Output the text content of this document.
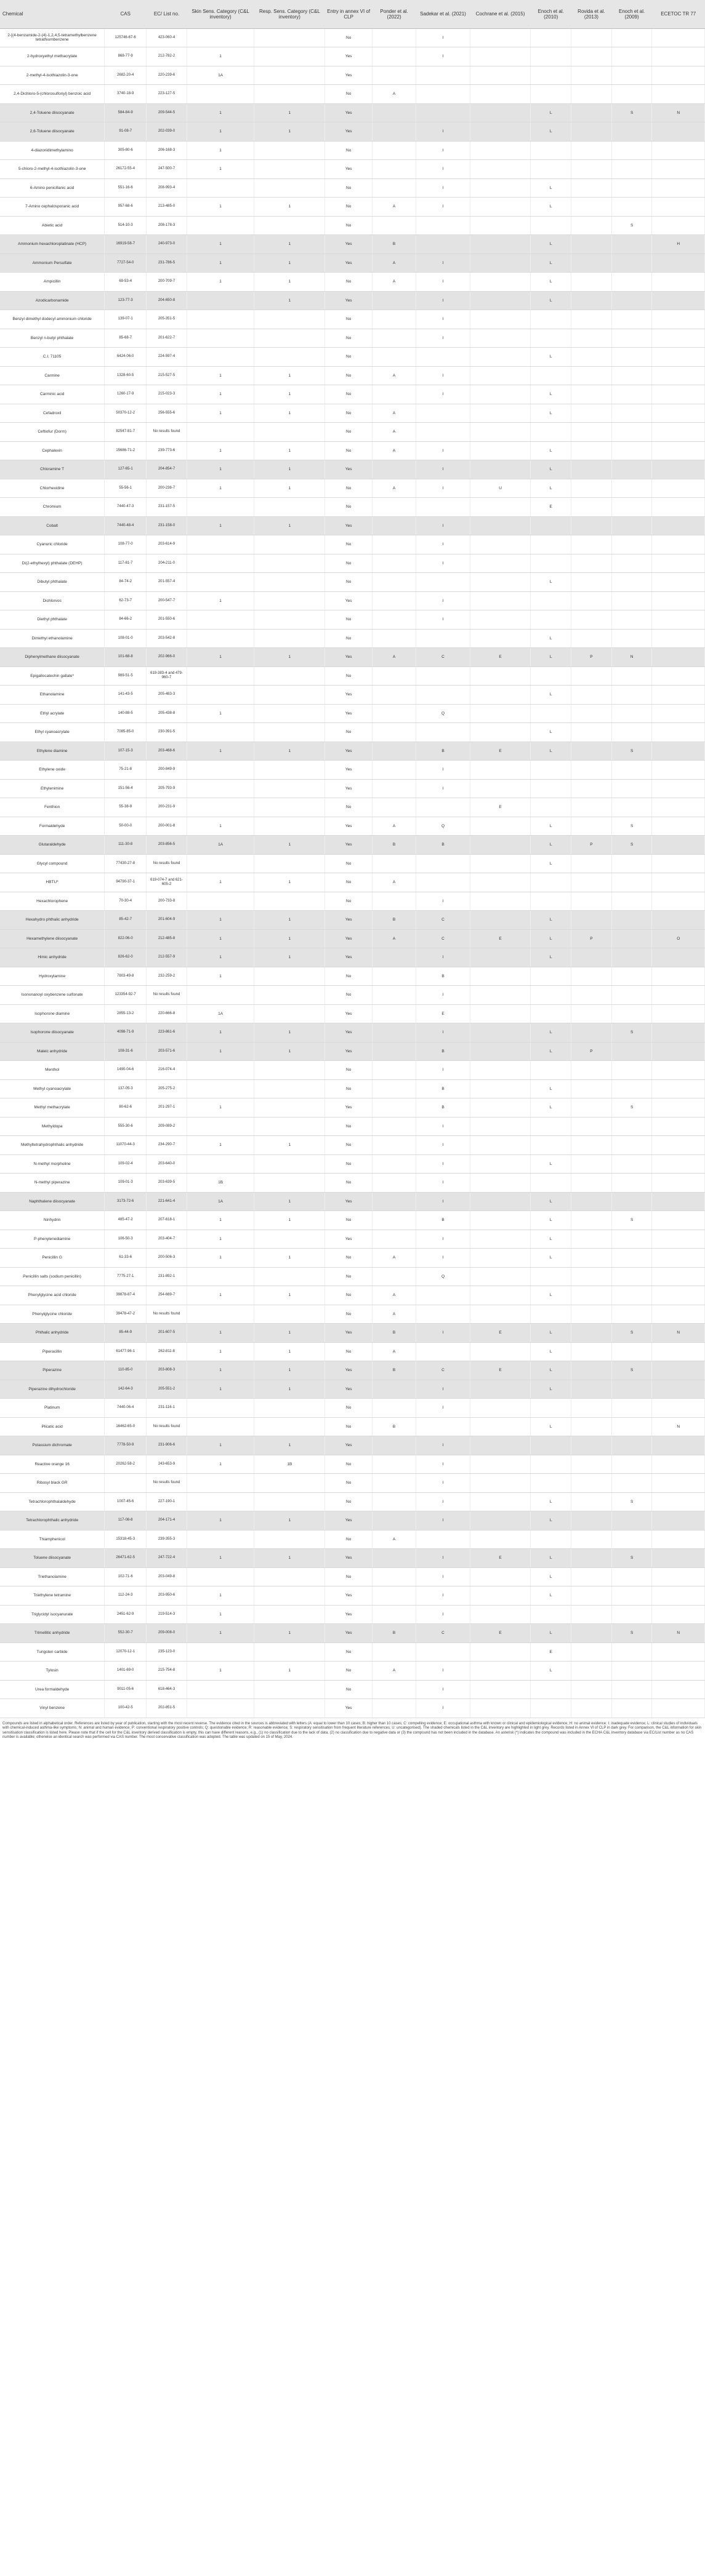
Chemical	CAS	EC/ List no.	Skin Sens. Category (C&L inventory)	Resp. Sens. Category (C&L inventory)	Entry in annex VI of CLP	Ponder et al. (2022)	Sadekar et al. (2021)	Cochrane et al. (2015)	Enoch et al. (2010)	Rovida et al. (2013)	Enoch et al. (2009)	ECETOC TR 77
2-[(4-benzamide-2-(4)-1,2,4,5-tetramethylbenzene tetrathiombenzene	125746-67-6	423-060-4			No		I					
2-hydroxyethyl methacrylate	868-77-9	212-782-2	1		Yes		I					
2-methyl-4-isothiazolin-3-one	2682-20-4	220-239-6	1A		Yes							
2,4-Dichloro-5-(chlorosulfonyl) benzoic acid	3740-18-9	223-127-5			No	A						
2,4-Toluene diisocyanate	584-84-9	209-544-5	1	1	Yes				L		S	N
2,6-Toluene diisocyanate	91-08-7	202-039-0	1	1	Yes		I		L			
4-diazonidimethylamino	305-80-6	206-168-3	1		No		I					
5-chloro-2-methyl-4-isothiazolin-3-one	26172-55-4	247-500-7	1		Yes		I					
6-Amino penicillanic acid	551-16-6	208-993-4			No		I		L			
7-Amino cephalosporanic acid	957-68-6	213-485-0	1	1	No	A	I		L			
Abietic acid	514-10-3	208-178-3			No						S	
Ammonium hexachloroplatinate (HCP)	16919-58-7	240-973-0	1	1	Yes	B			L			H
Ammonium Persulfate	7727-54-0	231-786-5	1	1	Yes	A	I		L			
Ampicillin	69-53-4	200-709-7	1	1	No	A	I		L			
Azodicarbonamide	123-77-3	204-650-8		1	Yes		I		L			
Benzyl dimethyl dodecyl ammonium chloride	139-07-1	205-351-5			No		I					
Benzyl n-butyl phthalate	85-68-7	201-622-7			No		I					
C.I. 71105	6424-06-0	224-597-4			No				L			
Carmine	1328-60-5	215-527-5	1	1	No	A	I					
Carminic acid	1260-17-9	215-023-3	1	1	No		I		L			
Cefadroxil	50370-12-2	256-555-6	1	1	No	A			L			
Ceftiofur (Dorm)	82547-81-7	No results found			No	A						
Cephalexin	15686-71-2	239-773-6	1	1	No	A	I		L			
Chloramine T	127-65-1	204-854-7	1	1	Yes		I		L			
Chlorhexidine	55-56-1	200-238-7	1	1	No	A	I	U	L			
Chromium	7440-47-3	231-157-5			No				E			
Cobalt	7440-48-4	231-158-0	1	1	Yes		I					
Cyanuric chloride	108-77-0	203-614-9			No		I					
Di(2-ethylhexyl) phthalate (DEHP)	117-81-7	204-211-0			No		I					
Dibutyl phthalate	84-74-2	201-557-4			No				L			
Dichlorvos	62-73-7	200-547-7	1		Yes		I					
Diethyl phthalate	84-66-2	201-550-6			No		I					
Dimethyl ethanolamine	108-01-0	203-542-8			No				L			
Diphenylmethane diisocyanate	101-68-8	202-966-0	1	1	Yes	A	C	E	L	P	N	
Epigallocatechin gallate*	989-51-5	619-383-4 and 479-960-7			No							
Ethanolamine	141-43-5	205-483-3			Yes				L			
Ethyl acrylate	140-88-5	205-438-8	1		Yes		Q					
Ethyl cyanoacrylate	7085-85-0	230-391-5			No				L			
Ethylene diamine	107-15-3	203-468-6	1	1	Yes		B	E	L		S	
Ethylene oxide	75-21-8	200-849-9			Yes		I					
Ethylenimine	151-56-4	205-793-9			Yes		I					
Fenthion	55-38-9	200-231-9			No			E				
Formaldehyde	50-00-0	200-001-8	1		Yes	A	Q		L		S	
Glutaraldehyde	111-30-8	203-856-5	1A	1	Yes	B	B		L	P	S	
Glycyl compound	77430-27-8	No results found			No				L			
HBTU*	94790-37-1	619-074-7 and 621-605-2	1	1	No	A						
Hexachlorophene	70-30-4	200-733-8			No		I					
Hexahydro phthalic anhydride	85-42-7	201-604-9	1	1	Yes	B	C		L			
Hexamethylene diisocyanate	822-06-0	212-485-8	1	1	Yes	A	C	E	L	P		O
Himic anhydride	826-62-0	212-557-9	1	1	Yes		I		L			
Hydroxylamine	7803-49-8	232-259-2	1		No		B					
Isononanoyl oxybenzene sulfonate	123354-92-7	No results found			No		I					
Isophorone diamine	2855-13-2	220-666-8	1A		Yes		E					
Isophorone diisocyanate	4098-71-9	223-861-6	1	1	Yes		I		L		S	
Maleic anhydride	108-31-6	203-571-6	1	1	Yes		B		L	P		
Menthol	1490-04-6	216-074-4			No		I					
Methyl cyanoacrylate	137-05-3	205-275-2			No		B		L			
Methyl methacrylate	80-62-6	201-297-1	1		Yes		B		L		S	
Methyldopa	555-30-6	209-089-2			No		I					
Methyltetrahydrophthalic anhydride	11070-44-3	234-290-7	1	1	No		I					
N-methyl morpholine	109-02-4	203-640-0			No		I		L			
N-methyl piperazine	109-01-3	203-639-5	1B		No		I					
Naphthalene diisocyanate	3173-72-6	221-641-4	1A	1	Yes		I		L			
Ninhydrin	485-47-2	207-618-1	1	1	No		B		L		S	
P-phenylenediamine	106-50-3	203-404-7	1		Yes		I		L			
Penicillin G	61-33-6	200-506-3	1	1	No	A	I		L			
Penicillin salts (sodium penicillin)	7775-27-1	231-892-1			No		Q					
Phenylglycine acid chloride	39878-87-4	254-669-7	1	1	No	A			L			
Phenylglycine chloride	39478-47-2	No results found			No	A						
Phthalic anhydride	85-44-9	201-607-5	1	1	Yes	B	I	E	L		S	N
Piperacillin	61477-96-1	262-811-8	1	1	No	A			L			
Piperazine	110-85-0	203-808-3	1	1	Yes	B	C	E	L		S	
Piperazine dihydrochloride	142-64-3	205-551-2	1	1	Yes		I		L			
Platinum	7440-06-4	231-116-1			No		I					
Plicatic acid	16462-65-0	No results found			No	B			L			N
Potassium dichromate	7778-50-9	231-906-6	1	1	Yes		I					
Reactive orange 16	20262-58-2	243-653-9	1	1B	No		I					
Ribosyl black GR		No results found			No		I					
Tetrachlorophthalaldehyde	1007-45-6	227-190-1			No		I		L		S	
Tetrachlorophthalic anhydride	117-08-8	204-171-4	1	1	Yes		I		L			
Thiamphenicol	15318-45-3	239-355-3			No	A						
Toluene diisocyanate	26471-62-5	247-722-4	1	1	Yes		I	E	L		S	
Triethanolamine	102-71-6	203-049-8			No		I		L			
Triethylene tetramine	112-24-3	203-950-6	1		Yes		I		L			
Triglycidyl isocyanurate	2451-62-9	219-514-3	1		Yes		I					
Trimellitic anhydride	552-30-7	209-008-0	1	1	Yes	B	C	E	L		S	N
Tungsten carbide	12070-12-1	235-123-0			No				E			
Tylosin	1401-69-0	215-754-8	1	1	No	A	I		L			
Urea formaldehyde	9011-05-6	618-464-3			No		I					
Vinyl benzene	100-42-5	202-851-5			Yes		I					
Compounds are listed in alphabetical order. References are listed by year of publication, starting with the most recent reverse. The evidence cited in the sources is abbreviated with letters (A: equal to lower than 10 cases; B: higher than 10 cases; C: compelling evidence; E: occupational asthma with known or clinical and epidemiological evidence; H: no animal evidence; I: inadequate evidence; L: clinical studies of individuals with chemical-induced asthma-like symptoms; N: animal and human evidence; P: conventional respiratory positive controls; Q: questionable evidence; R: reasonable evidence; S: respiratory sensitisation from frequent literature references; U: uncategorised). The shaded chemicals listed in the C&L inventory are highlighted in light grey. Records listed in Annex VI of CLP in dark grey. For comparison, the C&L information for skin sensitisation classification is listed here. Please note that if the cell for the C&L inventory derived classification is empty, this can have different reasons, e.g., (1) no classification due to the lack of data, (2) no classification due to negative data or (3) the compound has not been included in the database. An asterisk (*) indicates the compound was included in the ECHA C&L inventory database via EC/List number as no CAS number is available; otherwise an identical search was performed via CAS number. The most conservative classification was adopted. The table was updated on 15 of May, 2024.
